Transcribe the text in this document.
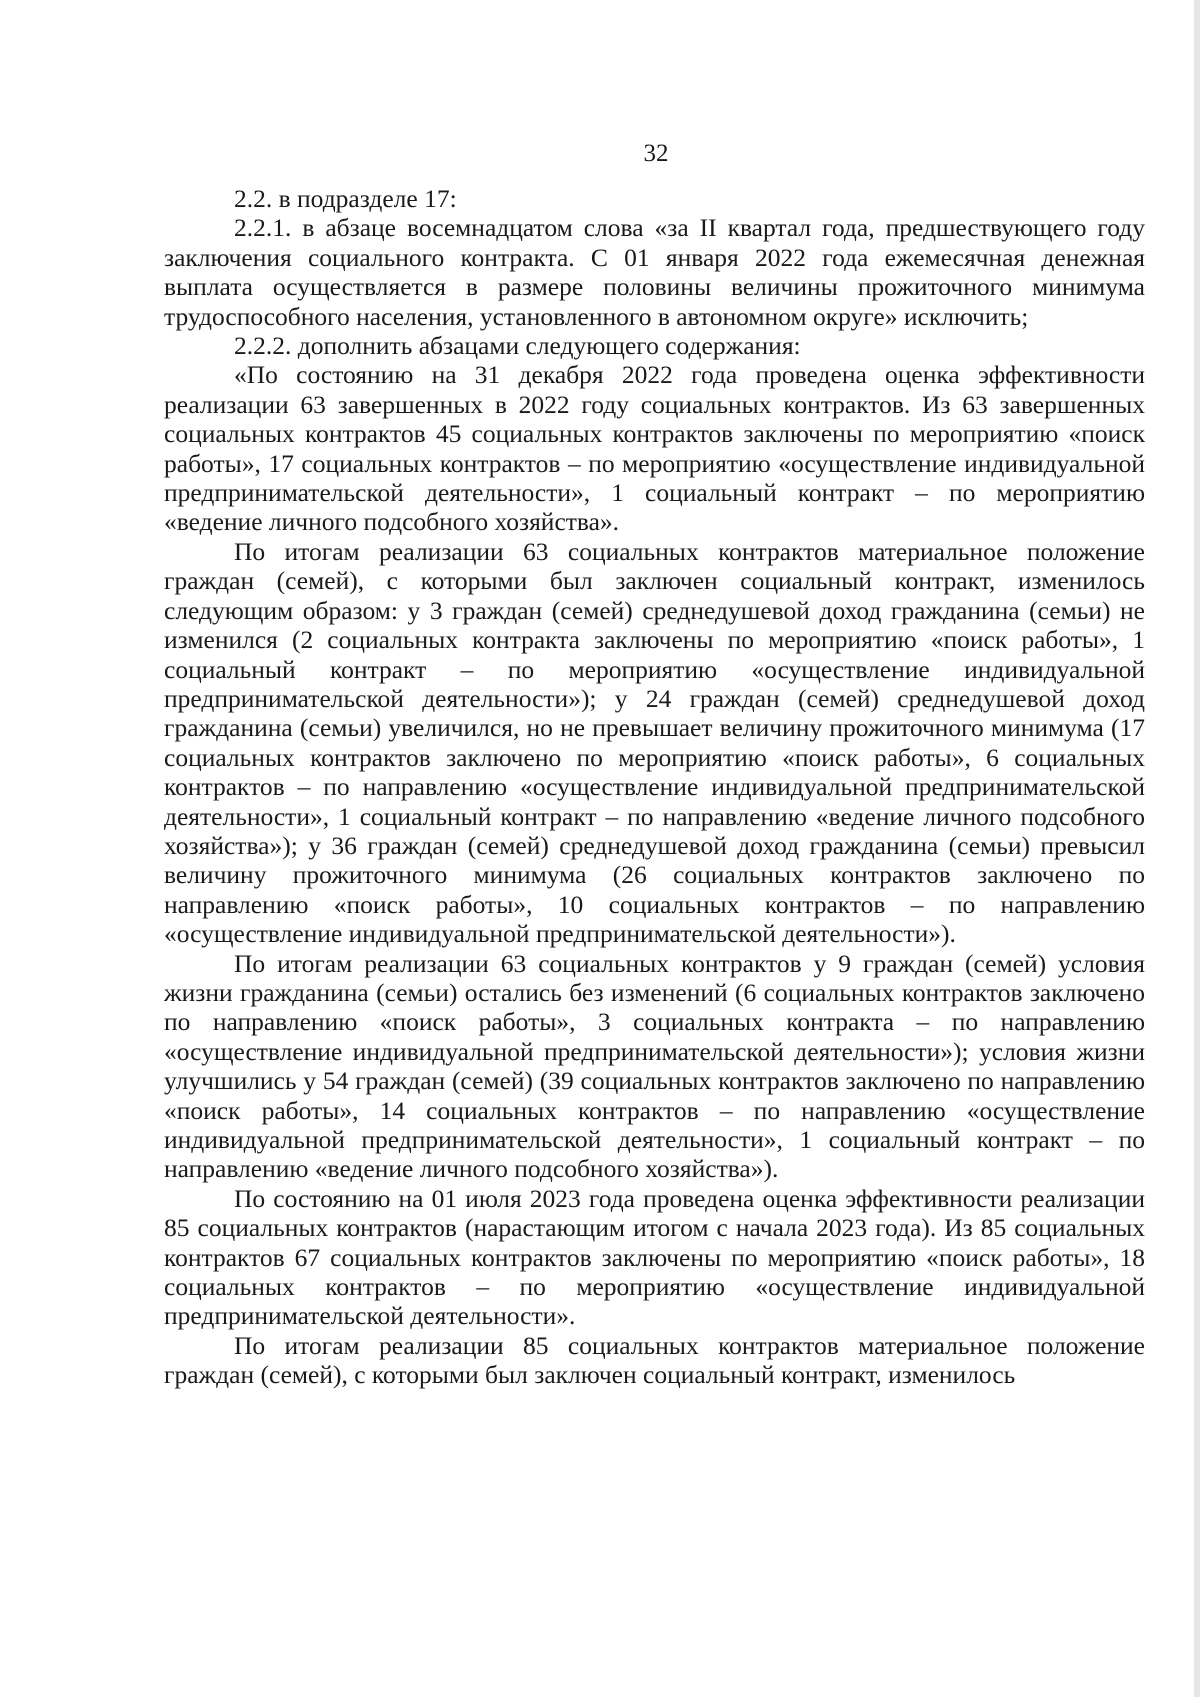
32

2.2. в подразделе 17:

2.2.1. в абзаце восемнадцатом слова «за II квартал года, предшествующего году заключения социального контракта. С 01 января 2022 года ежемесячная денежная выплата осуществляется в размере половины величины прожиточного минимума трудоспособного населения, установленного в автономном округе» исключить;

2.2.2. дополнить абзацами следующего содержания:

«По состоянию на 31 декабря 2022 года проведена оценка эффективности реализации 63 завершенных в 2022 году социальных контрактов. Из 63 завершенных социальных контрактов 45 социальных контрактов заключены по мероприятию «поиск работы», 17 социальных контрактов – по мероприятию «осуществление индивидуальной предпринимательской деятельности», 1 социальный контракт – по мероприятию «ведение личного подсобного хозяйства».

По итогам реализации 63 социальных контрактов материальное положение граждан (семей), с которыми был заключен социальный контракт, изменилось следующим образом: у 3 граждан (семей) среднедушевой доход гражданина (семьи) не изменился (2 социальных контракта заключены по мероприятию «поиск работы», 1 социальный контракт – по мероприятию «осуществление индивидуальной предпринимательской деятельности»); у 24 граждан (семей) среднедушевой доход гражданина (семьи) увеличился, но не превышает величину прожиточного минимума (17 социальных контрактов заключено по мероприятию «поиск работы», 6 социальных контрактов – по направлению «осуществление индивидуальной предпринимательской деятельности», 1 социальный контракт – по направлению «ведение личного подсобного хозяйства»); у 36 граждан (семей) среднедушевой доход гражданина (семьи) превысил величину прожиточного минимума (26 социальных контрактов заключено по направлению «поиск работы», 10 социальных контрактов – по направлению «осуществление индивидуальной предпринимательской деятельности»).

По итогам реализации 63 социальных контрактов у 9 граждан (семей) условия жизни гражданина (семьи) остались без изменений (6 социальных контрактов заключено по направлению «поиск работы», 3 социальных контракта – по направлению «осуществление индивидуальной предпринимательской деятельности»); условия жизни улучшились у 54 граждан (семей) (39 социальных контрактов заключено по направлению «поиск работы», 14 социальных контрактов – по направлению «осуществление индивидуальной предпринимательской деятельности», 1 социальный контракт – по направлению «ведение личного подсобного хозяйства»).

По состоянию на 01 июля 2023 года проведена оценка эффективности реализации 85 социальных контрактов (нарастающим итогом с начала 2023 года). Из 85 социальных контрактов 67 социальных контрактов заключены по мероприятию «поиск работы», 18 социальных контрактов – по мероприятию «осуществление индивидуальной предпринимательской деятельности».

По итогам реализации 85 социальных контрактов материальное положение граждан (семей), с которыми был заключен социальный контракт, изменилось
